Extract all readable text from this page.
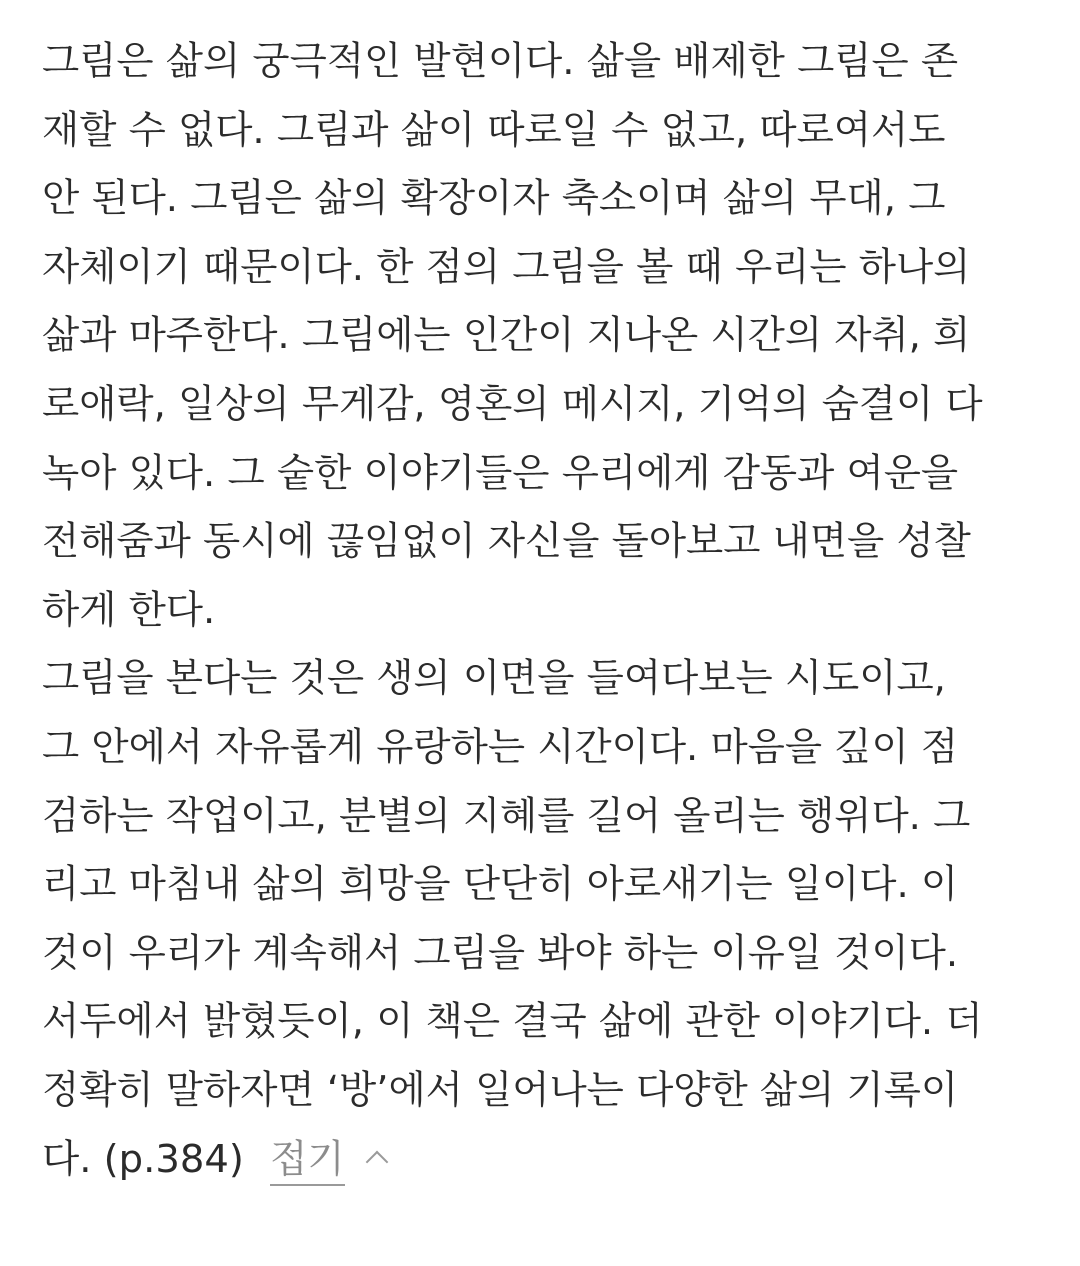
그림은 삶의 궁극적인 발현이다. 삶을 배제한 그림은 존
재할 수 없다. 그림과 삶이 따로일 수 없고, 따로여서도
안 된다. 그림은 삶의 확장이자 축소이며 삶의 무대, 그
자체이기 때문이다. 한 점의 그림을 볼 때 우리는 하나의
삶과 마주한다. 그림에는 인간이 지나온 시간의 자취, 희
로애락, 일상의 무게감, 영혼의 메시지, 기억의 숨결이 다
녹아 있다. 그 숱한 이야기들은 우리에게 감동과 여운을
전해줌과 동시에 끊임없이 자신을 돌아보고 내면을 성찰
하게 한다.
그림을 본다는 것은 생의 이면을 들여다보는 시도이고,
그 안에서 자유롭게 유랑하는 시간이다. 마음을 깊이 점
검하는 작업이고, 분별의 지혜를 길어 올리는 행위다. 그
리고 마침내 삶의 희망을 단단히 아로새기는 일이다. 이
것이 우리가 계속해서 그림을 봐야 하는 이유일 것이다.
서두에서 밝혔듯이, 이 책은 결국 삶에 관한 이야기다. 더
정확히 말하자면 ‘방’에서 일어나는 다양한 삶의 기록이
다. (p.384) 접기
